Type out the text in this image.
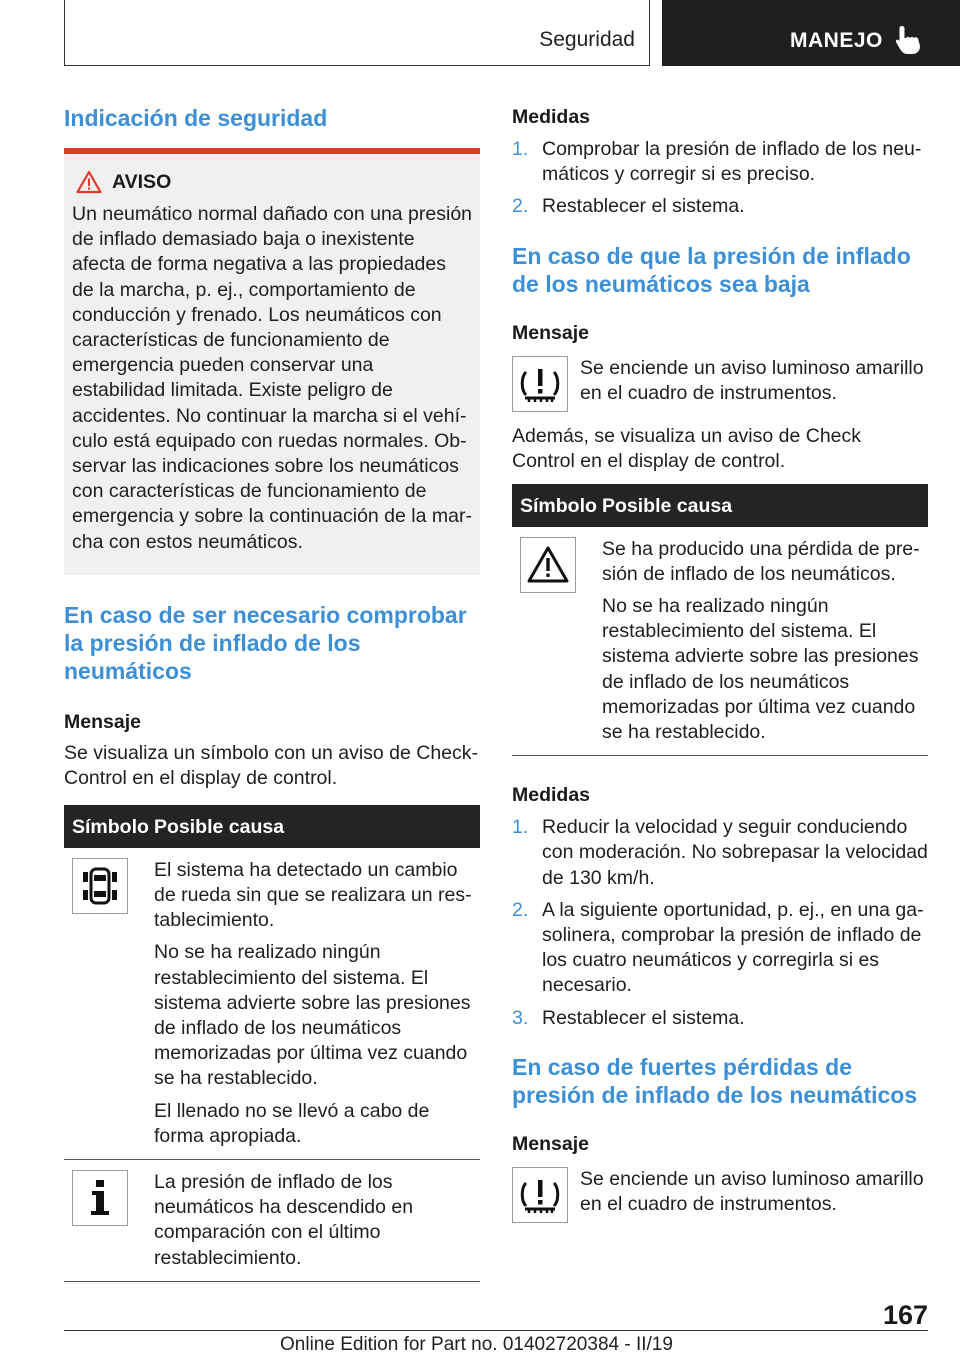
Seguridad	MANEJO
Indicación de seguridad
AVISO

Un neumático normal dañado con una presión de inflado demasiado baja o inexistente afecta de forma negativa a las propiedades de la marcha, p. ej., comportamiento de conducción y frenado. Los neumáticos con características de funcionamiento de emergencia pueden conservar una estabilidad limitada. Existe peligro de accidentes. No continuar la marcha si el vehículo está equipado con ruedas normales. Observar las indicaciones sobre los neumáticos con características de funcionamiento de emergencia y sobre la continuación de la marcha con estos neumáticos.

En caso de ser necesario comprobar la presión de inflado de los neumáticos
Mensaje

Se visualiza un símbolo con un aviso de Check-Control en el display de control.

Símbolo Posible causa

El sistema ha detectado un cambio de rueda sin que se realizara un restablecimiento.

No se ha realizado ningún restablecimiento del sistema. El sistema advierte sobre las presiones de inflado de los neumáticos memorizadas por última vez cuando se ha restablecido.

El llenado no se llevó a cabo de forma apropiada.

La presión de inflado de los neumáticos ha descendido en comparación con el último restablecimiento.

Medidas
1. Comprobar la presión de inflado de los neumáticos y corregir si es preciso.
2. Restablecer el sistema.
En caso de que la presión de inflado de los neumáticos sea baja
Mensaje

Se enciende un aviso luminoso amarillo en el cuadro de instrumentos.

Además, se visualiza un aviso de Check Control en el display de control.

Símbolo Posible causa

Se ha producido una pérdida de presión de inflado de los neumáticos.

No se ha realizado ningún restablecimiento del sistema. El sistema advierte sobre las presiones de inflado de los neumáticos memorizadas por última vez cuando se ha restablecido.

Medidas
1. Reducir la velocidad y seguir conduciendo con moderación. No sobrepasar la velocidad de 130 km/h.
2. A la siguiente oportunidad, p. ej., en una gasolinera, comprobar la presión de inflado de los cuatro neumáticos y corregirla si es necesario.
3. Restablecer el sistema.
En caso de fuertes pérdidas de presión de inflado de los neumáticos
Mensaje

Se enciende un aviso luminoso amarillo en el cuadro de instrumentos.

167
Online Edition for Part no. 01402720384 - II/19
